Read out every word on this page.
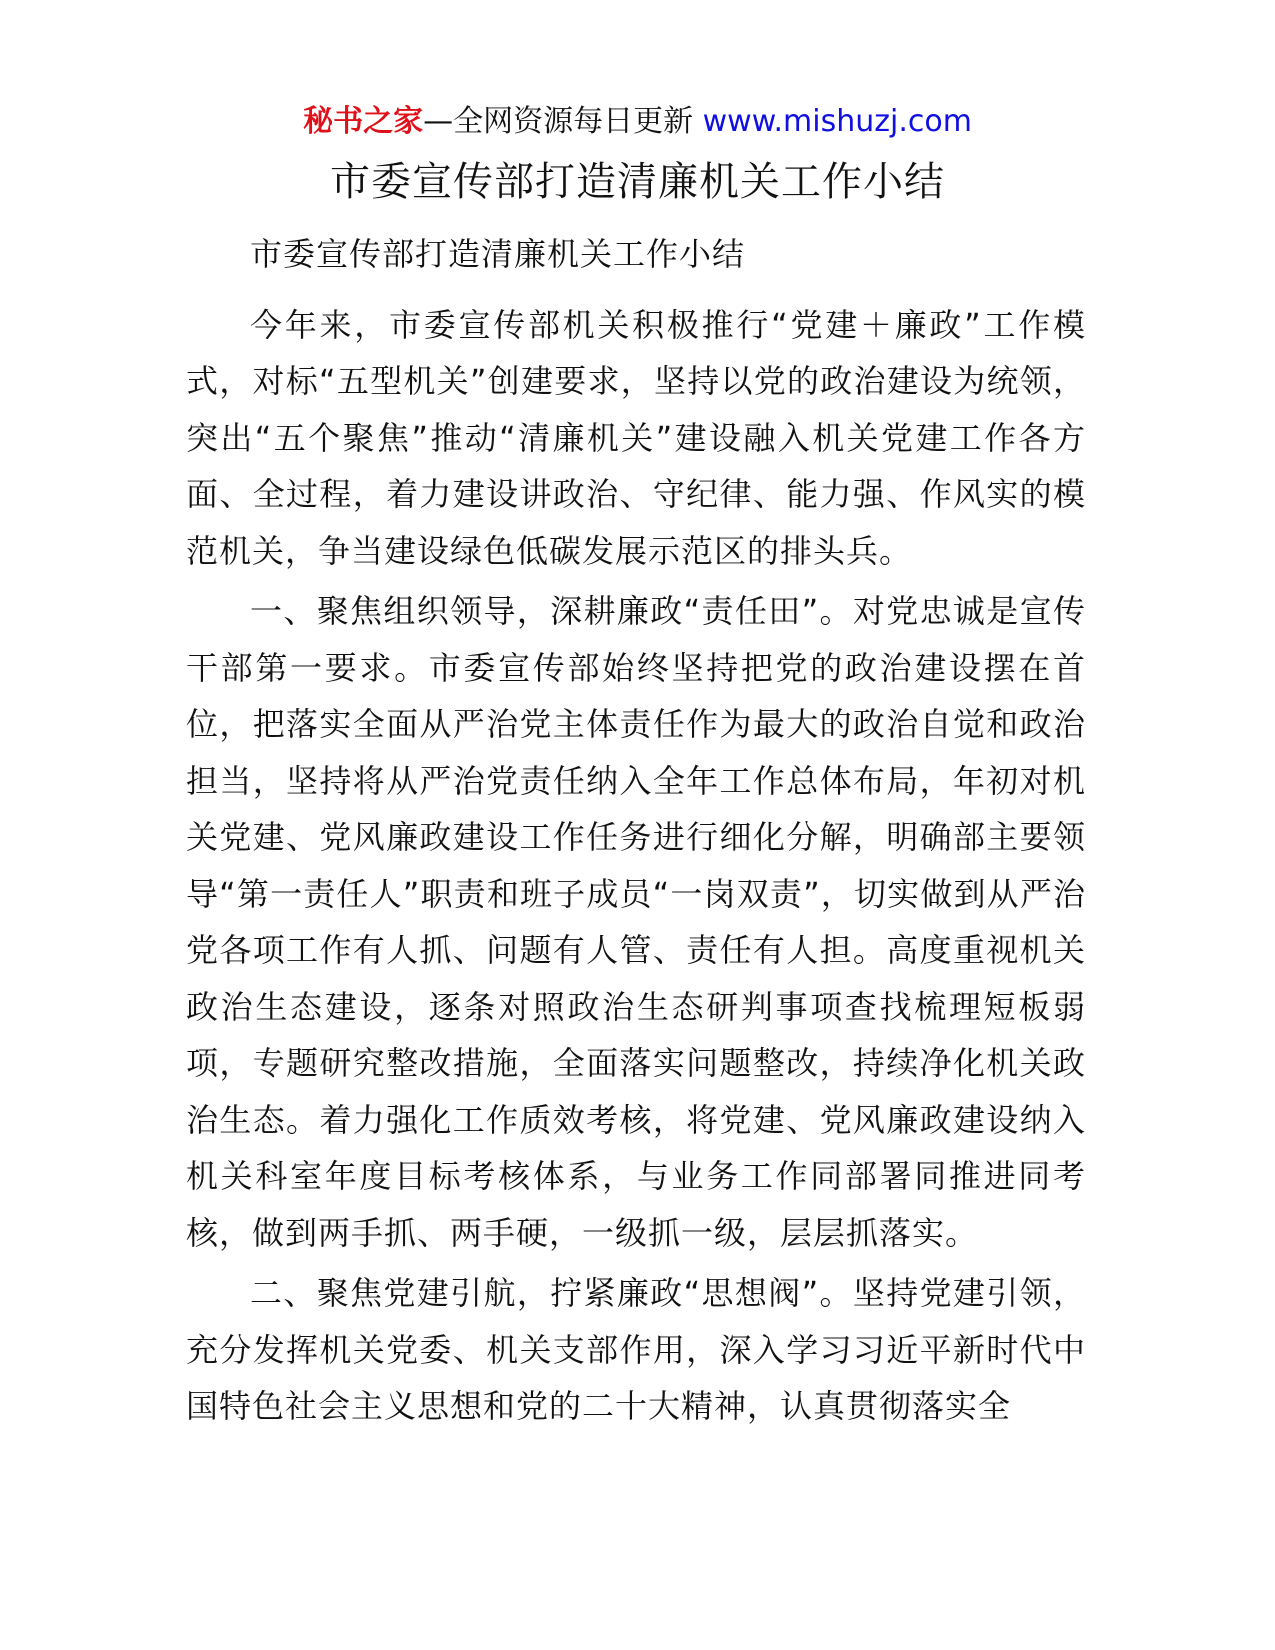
秘书之家—全网资源每日更新 www.mishuzj.com
市委宣传部打造清廉机关工作小结

市委宣传部打造清廉机关工作小结

今年来，市委宣传部机关积极推行“党建＋廉政”工作模式，对标“五型机关”创建要求，坚持以党的政治建设为统领，突出“五个聚焦”推动“清廉机关”建设融入机关党建工作各方面、全过程，着力建设讲政治、守纪律、能力强、作风实的模范机关，争当建设绿色低碳发展示范区的排头兵。

一、聚焦组织领导，深耕廉政“责任田”。对党忠诚是宣传干部第一要求。市委宣传部始终坚持把党的政治建设摆在首位，把落实全面从严治党主体责任作为最大的政治自觉和政治担当，坚持将从严治党责任纳入全年工作总体布局，年初对机关党建、党风廉政建设工作任务进行细化分解，明确部主要领导“第一责任人”职责和班子成员“一岗双责”，切实做到从严治党各项工作有人抓、问题有人管、责任有人担。高度重视机关政治生态建设，逐条对照政治生态研判事项查找梳理短板弱项，专题研究整改措施，全面落实问题整改，持续净化机关政治生态。着力强化工作质效考核，将党建、党风廉政建设纳入机关科室年度目标考核体系，与业务工作同部署同推进同考核，做到两手抓、两手硬，一级抓一级，层层抓落实。

二、聚焦党建引航，拧紧廉政“思想阀”。坚持党建引领，充分发挥机关党委、机关支部作用，深入学习习近平新时代中国特色社会主义思想和党的二十大精神，认真贯彻落实全
